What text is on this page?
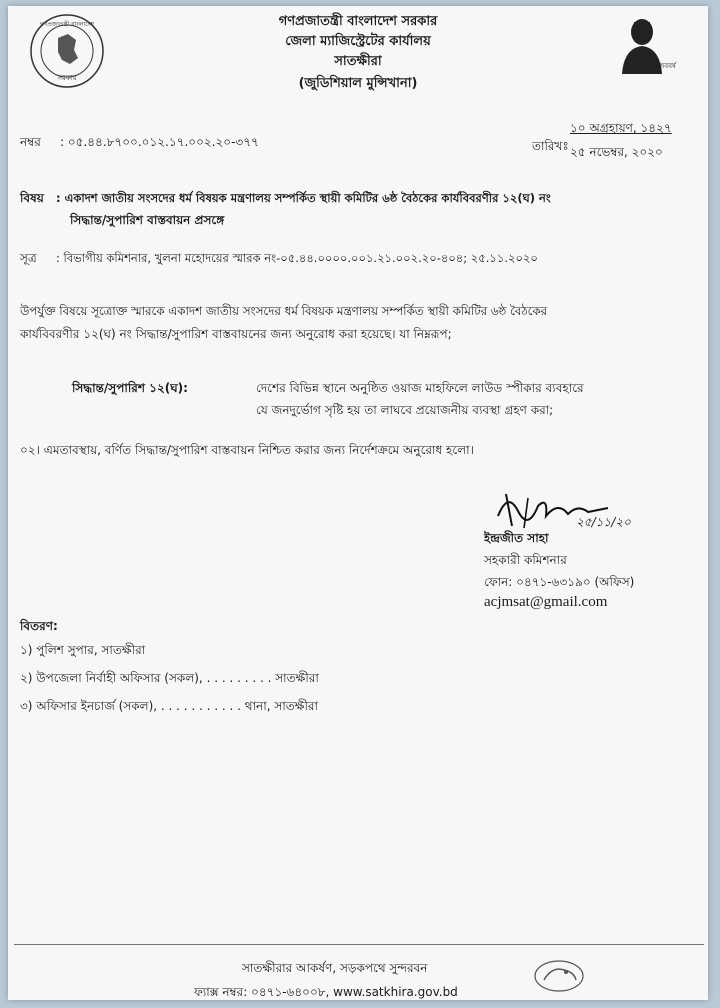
গণপ্রজাতন্ত্রী বাংলাদেশ
সরকার
গণপ্রজাতন্ত্রী বাংলাদেশ সরকার
জেলা ম্যাজিস্ট্রেটের কার্যালয়
সাতক্ষীরা
(জুডিশিয়াল মুন্সিখানা)
মুজিববর্ষ
নম্বর : ০৫.৪৪.৮৭০০.০১২.১৭.০০২.২০-৩৭৭	তারিখঃ
১০ অগ্রহায়ণ, ১৪২৭
২৫ নভেম্বর, ২০২০
বিষয় : একাদশ জাতীয় সংসদের ধর্ম বিষয়ক মন্ত্রণালয় সম্পর্কিত স্থায়ী কমিটির ৬ষ্ঠ বৈঠকের কার্যবিবরণীর ১২(ঘ) নং
সিদ্ধান্ত/সুপারিশ বাস্তবায়ন প্রসঙ্গে
সূত্র : বিভাগীয় কমিশনার, খুলনা মহোদয়ের স্মারক নং-০৫.৪৪.০০০০.০০১.২১.০০২.২০-৪০৪; ২৫.১১.২০২০
উপর্যুক্ত বিষয়ে সূত্রোক্ত স্মারকে একাদশ জাতীয় সংসদের ধর্ম বিষয়ক মন্ত্রণালয় সম্পর্কিত স্থায়ী কমিটির ৬ষ্ঠ বৈঠকের
কার্যবিবরণীর ১২(ঘ) নং সিদ্ধান্ত/সুপারিশ বাস্তবায়নের জন্য অনুরোধ করা হয়েছে। যা নিম্নরূপ;
সিদ্ধান্ত/সুপারিশ ১২(ঘ):	দেশের বিভিন্ন স্থানে অনুষ্ঠিত ওয়াজ মাহফিলে লাউড স্পীকার ব্যবহারে
যে জনদুর্ভোগ সৃষ্টি হয় তা লাঘবে প্রয়োজনীয় ব্যবস্থা গ্রহণ করা;
০২। এমতাবস্থায়, বর্ণিত সিদ্ধান্ত/সুপারিশ বাস্তবায়ন নিশ্চিত করার জন্য নির্দেশক্রমে অনুরোধ হলো।
২৫/১১/২০
ইন্দ্রজীত সাহা
সহকারী কমিশনার
ফোন: ০৪৭১-৬৩১৯০ (অফিস)
acjmsat@gmail.com
বিতরণ:
১) পুলিশ সুপার, সাতক্ষীরা
২) উপজেলা নির্বাহী অফিসার (সকল), . . . . . . . . . সাতক্ষীরা
৩) অফিসার ইনচার্জ (সকল), . . . . . . . . . . . থানা, সাতক্ষীরা
সাতক্ষীরার আকর্ষণ, সড়কপথে সুন্দরবন
ফ্যাক্স নম্বর: ০৪৭১-৬৪০০৮, www.satkhira.gov.bd
